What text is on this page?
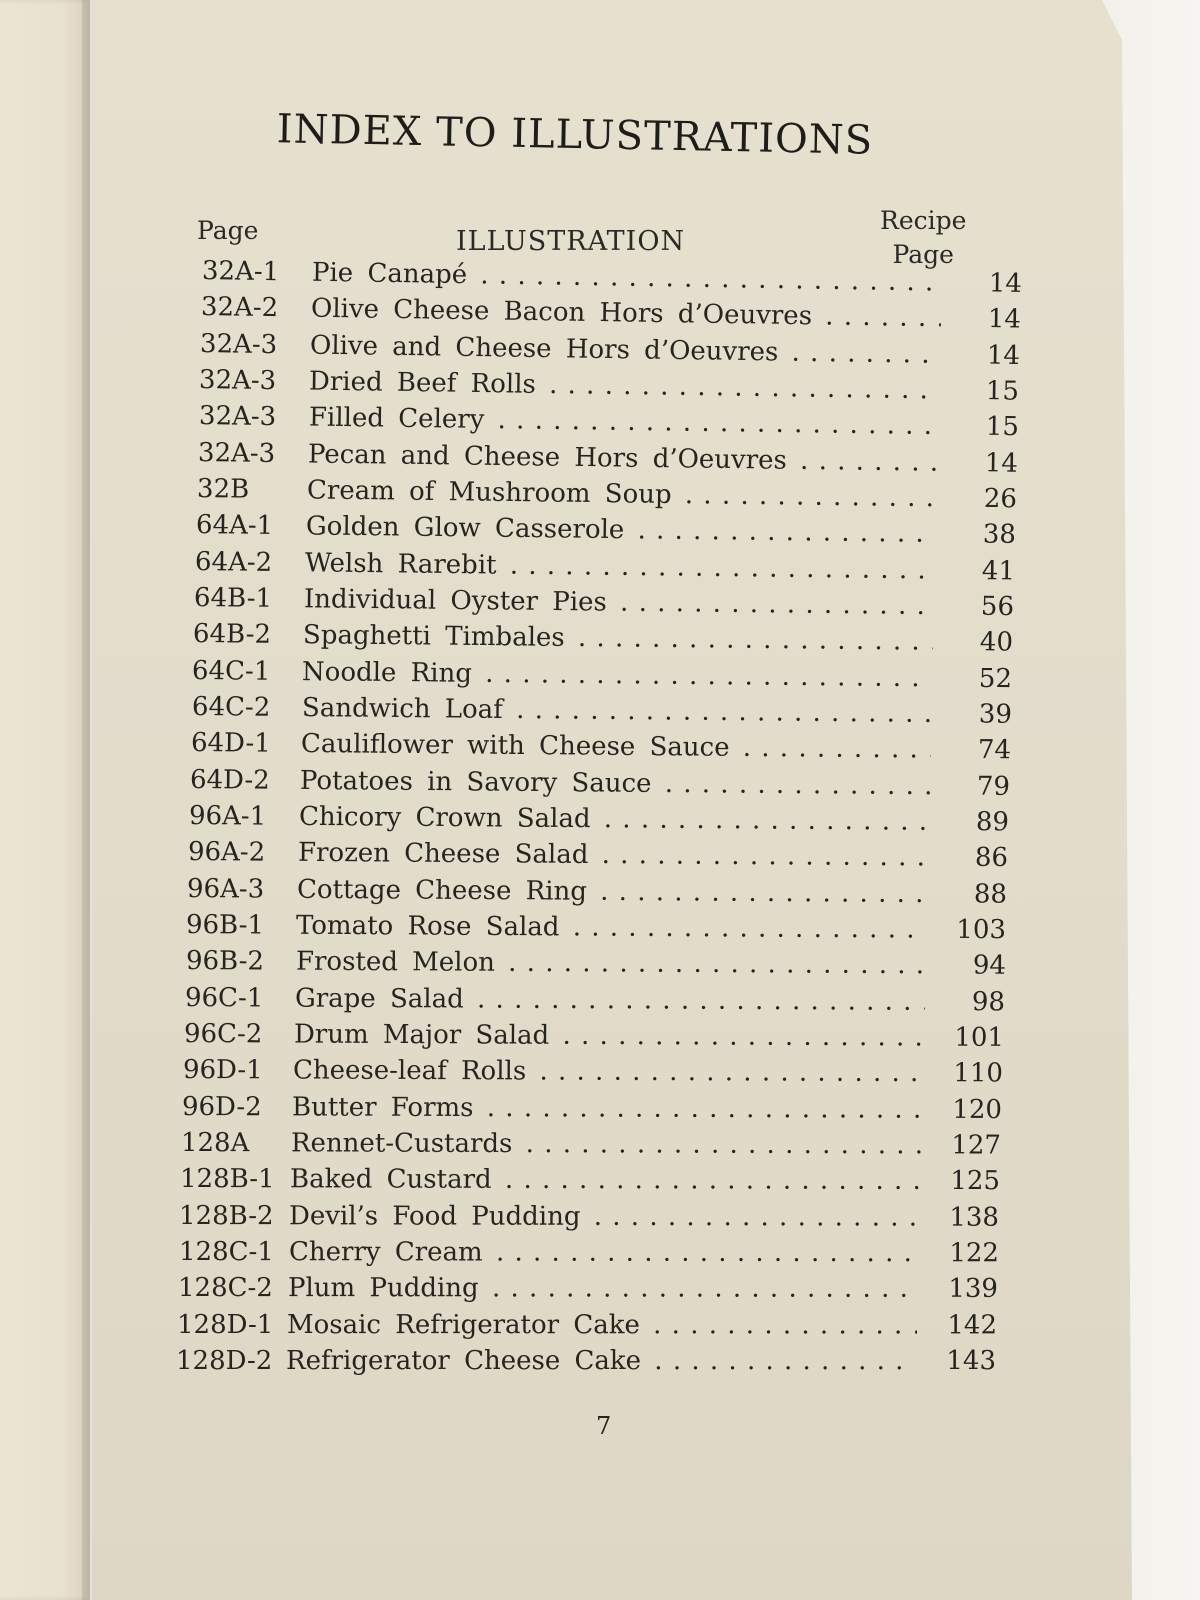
INDEX TO ILLUSTRATIONS
Page	ILLUSTRATION
Recipe
Page
32A-1 Pie Canapé . . .	14
32A-2 Olive Cheese Bacon Hors d’Oeuvres . . .	14
32A-3 Olive and Cheese Hors d’Oeuvres . . .	14
32A-3 Dried Beef Rolls . . .	15
32A-3 Filled Celery . . .	15
32A-3 Pecan and Cheese Hors d’Oeuvres . . .	14
32B Cream of Mushroom Soup . . .	26
64A-1 Golden Glow Casserole . . .	38
64A-2 Welsh Rarebit . . .	41
64B-1 Individual Oyster Pies . . .	56
64B-2 Spaghetti Timbales . . .	40
64C-1 Noodle Ring . . .	52
64C-2 Sandwich Loaf . . .	39
64D-1 Cauliflower with Cheese Sauce . . .	74
64D-2 Potatoes in Savory Sauce . . .	79
96A-1 Chicory Crown Salad . . .	89
96A-2 Frozen Cheese Salad . . .	86
96A-3 Cottage Cheese Ring . . .	88
96B-1 Tomato Rose Salad . . .	103
96B-2 Frosted Melon . . .	94
96C-1 Grape Salad . . .	98
96C-2 Drum Major Salad . . .	101
96D-1 Cheese-leaf Rolls . . .	110
96D-2 Butter Forms . . .	120
128A Rennet-Custards . . .	127
128B-1 Baked Custard . . .	125
128B-2 Devil’s Food Pudding . . .	138
128C-1 Cherry Cream . . .	122
128C-2 Plum Pudding . . .	139
128D-1 Mosaic Refrigerator Cake . . .	142
128D-2 Refrigerator Cheese Cake . . .	143
7
